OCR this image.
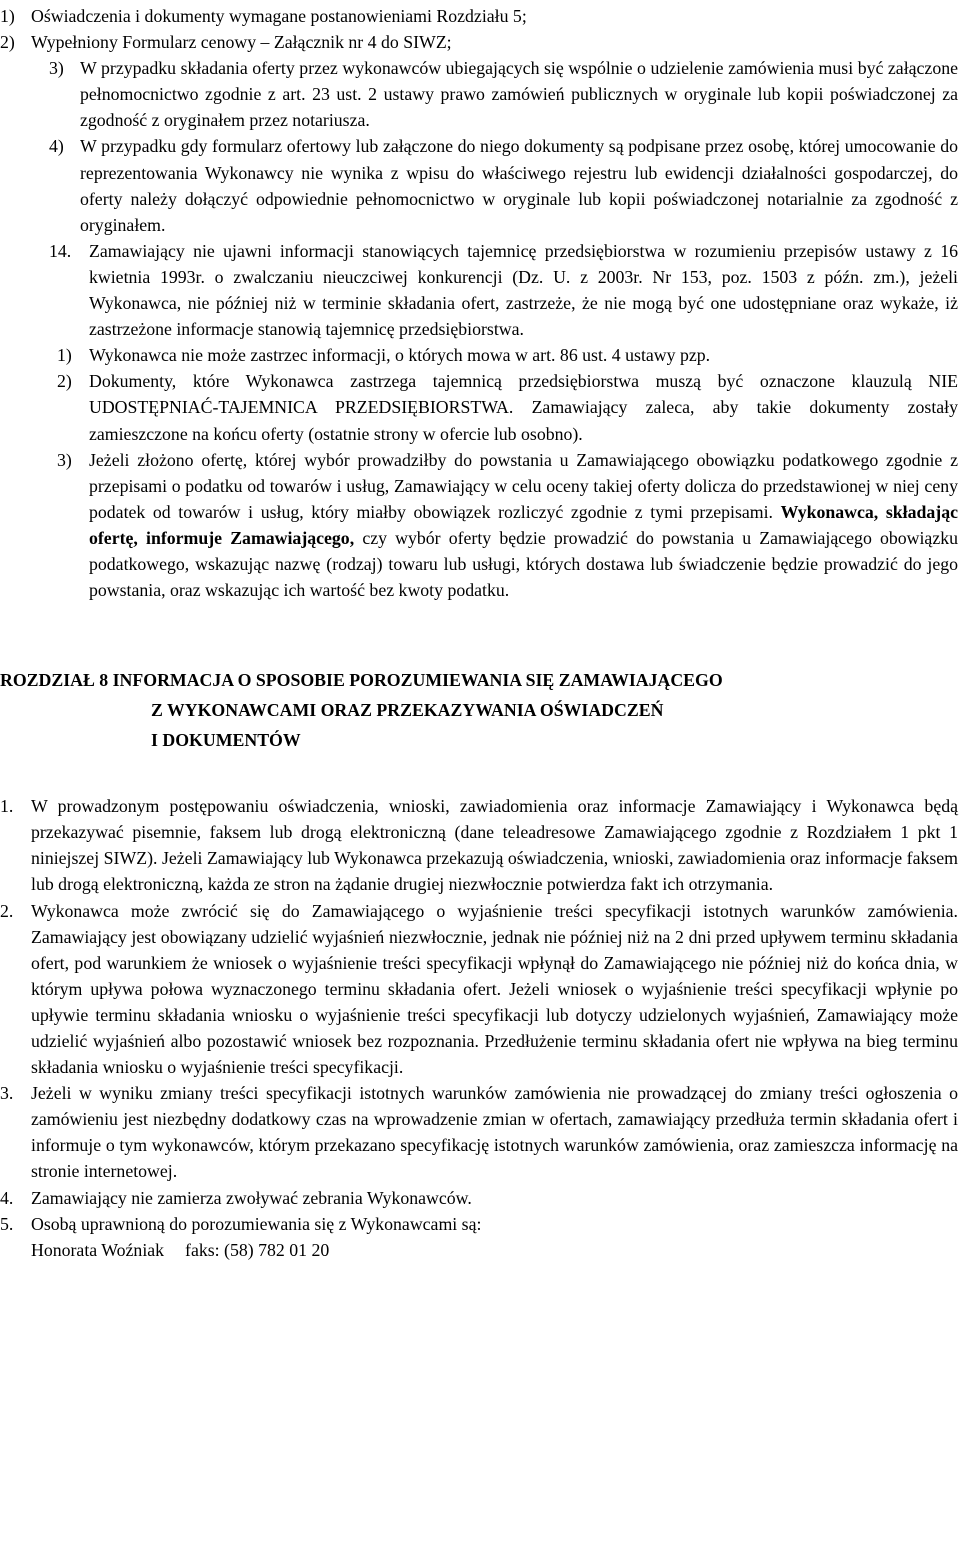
1) Oświadczenia i dokumenty wymagane postanowieniami Rozdziału 5;
2) Wypełniony Formularz cenowy – Załącznik nr 4 do SIWZ;
3) W przypadku składania oferty przez wykonawców ubiegających się wspólnie o udzielenie zamówienia musi być załączone pełnomocnictwo zgodnie z art. 23 ust. 2 ustawy prawo zamówień publicznych w oryginale lub kopii poświadczonej za zgodność z oryginałem przez notariusza.
4) W przypadku gdy formularz ofertowy lub załączone do niego dokumenty są podpisane przez osobę, której umocowanie do reprezentowania Wykonawcy nie wynika z wpisu do właściwego rejestru lub ewidencji działalności gospodarczej, do oferty należy dołączyć odpowiednie pełnomocnictwo w oryginale lub kopii poświadczonej notarialnie za zgodność z oryginałem.
14. Zamawiający nie ujawni informacji stanowiących tajemnicę przedsiębiorstwa w rozumieniu przepisów ustawy z 16 kwietnia 1993r. o zwalczaniu nieuczciwej konkurencji (Dz. U. z 2003r. Nr 153, poz. 1503 z późn. zm.), jeżeli Wykonawca, nie później niż w terminie składania ofert, zastrzeże, że nie mogą być one udostępniane oraz wykaże, iż zastrzeżone informacje stanowią tajemnicę przedsiębiorstwa.
1) Wykonawca nie może zastrzec informacji, o których mowa w art. 86 ust. 4 ustawy pzp.
2) Dokumenty, które Wykonawca zastrzega tajemnicą przedsiębiorstwa muszą być oznaczone klauzulą NIE UDOSTĘPNIAĆ-TAJEMNICA PRZEDSIĘBIORSTWA. Zamawiający zaleca, aby takie dokumenty zostały zamieszczone na końcu oferty (ostatnie strony w ofercie lub osobno).
3) Jeżeli złożono ofertę, której wybór prowadziłby do powstania u Zamawiającego obowiązku podatkowego zgodnie z przepisami o podatku od towarów i usług, Zamawiający w celu oceny takiej oferty dolicza do przedstawionej w niej ceny podatek od towarów i usług, który miałby obowiązek rozliczyć zgodnie z tymi przepisami. Wykonawca, składając ofertę, informuje Zamawiającego, czy wybór oferty będzie prowadzić do powstania u Zamawiającego obowiązku podatkowego, wskazując nazwę (rodzaj) towaru lub usługi, których dostawa lub świadczenie będzie prowadzić do jego powstania, oraz wskazując ich wartość bez kwoty podatku.
ROZDZIAŁ 8 INFORMACJA O SPOSOBIE POROZUMIEWANIA SIĘ ZAMAWIAJĄCEGO
Z WYKONAWCAMI ORAZ PRZEKAZYWANIA OŚWIADCZEŃ
I DOKUMENTÓW
1. W prowadzonym postępowaniu oświadczenia, wnioski, zawiadomienia oraz informacje Zamawiający i Wykonawca będą przekazywać pisemnie, faksem lub drogą elektroniczną (dane teleadresowe Zamawiającego zgodnie z Rozdziałem 1 pkt 1 niniejszej SIWZ). Jeżeli Zamawiający lub Wykonawca przekazują oświadczenia, wnioski, zawiadomienia oraz informacje faksem lub drogą elektroniczną, każda ze stron na żądanie drugiej niezwłocznie potwierdza fakt ich otrzymania.
2. Wykonawca może zwrócić się do Zamawiającego o wyjaśnienie treści specyfikacji istotnych warunków zamówienia. Zamawiający jest obowiązany udzielić wyjaśnień niezwłocznie, jednak nie później niż na 2 dni przed upływem terminu składania ofert, pod warunkiem że wniosek o wyjaśnienie treści specyfikacji wpłynął do Zamawiającego nie później niż do końca dnia, w którym upływa połowa wyznaczonego terminu składania ofert. Jeżeli wniosek o wyjaśnienie treści specyfikacji wpłynie po upływie terminu składania wniosku o wyjaśnienie treści specyfikacji lub dotyczy udzielonych wyjaśnień, Zamawiający może udzielić wyjaśnień albo pozostawić wniosek bez rozpoznania. Przedłużenie terminu składania ofert nie wpływa na bieg terminu składania wniosku o wyjaśnienie treści specyfikacji.
3. Jeżeli w wyniku zmiany treści specyfikacji istotnych warunków zamówienia nie prowadzącej do zmiany treści ogłoszenia o zamówieniu jest niezbędny dodatkowy czas na wprowadzenie zmian w ofertach, zamawiający przedłuża termin składania ofert i informuje o tym wykonawców, którym przekazano specyfikację istotnych warunków zamówienia, oraz zamieszcza informację na stronie internetowej.
4. Zamawiający nie zamierza zwoływać zebrania Wykonawców.
5. Osobą uprawnioną do porozumiewania się z Wykonawcami są:
Honorata Woźniak faks: (58) 782 01 20
